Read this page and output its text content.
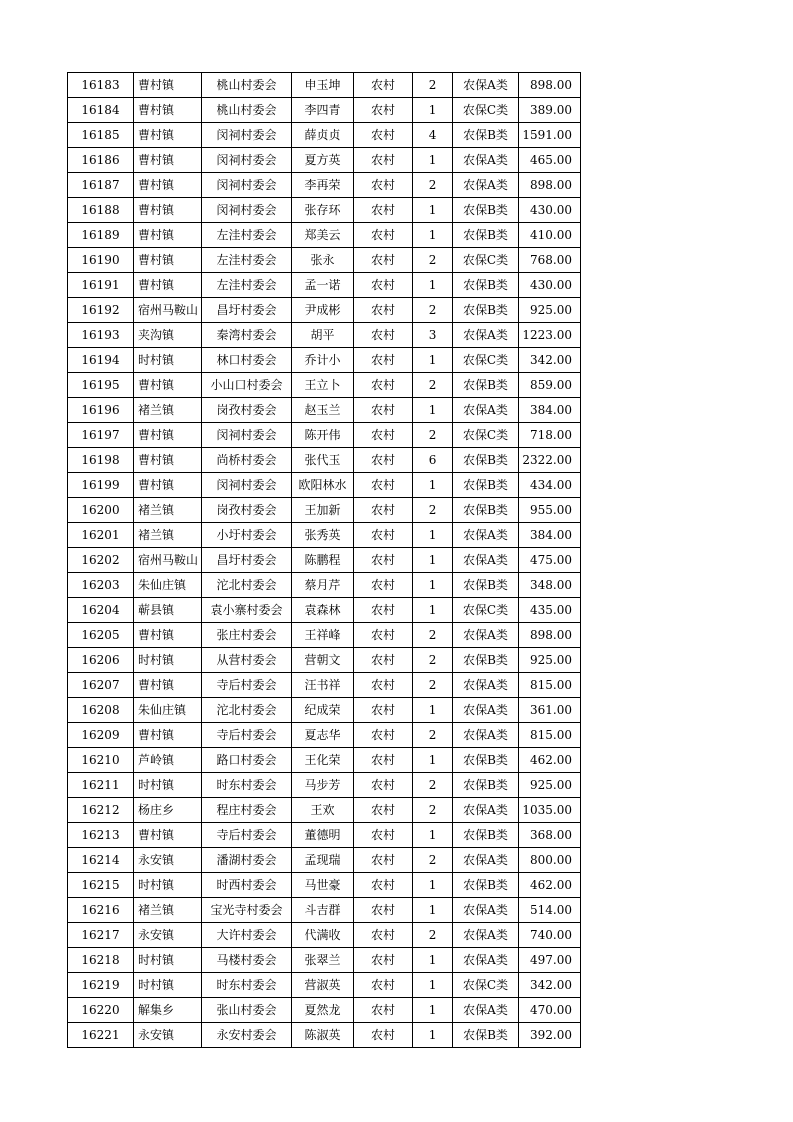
16183	曹村镇	桃山村委会	申玉坤	农村	2	农保A类	898.00
16184	曹村镇	桃山村委会	李四青	农村	1	农保C类	389.00
16185	曹村镇	闵祠村委会	薛贞贞	农村	4	农保B类	1591.00
16186	曹村镇	闵祠村委会	夏方英	农村	1	农保A类	465.00
16187	曹村镇	闵祠村委会	李再荣	农村	2	农保A类	898.00
16188	曹村镇	闵祠村委会	张存环	农村	1	农保B类	430.00
16189	曹村镇	左洼村委会	郑美云	农村	1	农保B类	410.00
16190	曹村镇	左洼村委会	张永	农村	2	农保C类	768.00
16191	曹村镇	左洼村委会	孟一诺	农村	1	农保B类	430.00
16192	宿州马鞍山	昌圩村委会	尹成彬	农村	2	农保B类	925.00
16193	夹沟镇	秦湾村委会	胡平	农村	3	农保A类	1223.00
16194	时村镇	林口村委会	乔计小	农村	1	农保C类	342.00
16195	曹村镇	小山口村委会	王立卜	农村	2	农保B类	859.00
16196	褚兰镇	岗孜村委会	赵玉兰	农村	1	农保A类	384.00
16197	曹村镇	闵祠村委会	陈开伟	农村	2	农保C类	718.00
16198	曹村镇	尚桥村委会	张代玉	农村	6	农保B类	2322.00
16199	曹村镇	闵祠村委会	欧阳林水	农村	1	农保B类	434.00
16200	褚兰镇	岗孜村委会	王加新	农村	2	农保B类	955.00
16201	褚兰镇	小圩村委会	张秀英	农村	1	农保A类	384.00
16202	宿州马鞍山	昌圩村委会	陈鹏程	农村	1	农保A类	475.00
16203	朱仙庄镇	沱北村委会	蔡月芹	农村	1	农保B类	348.00
16204	蕲县镇	袁小寨村委会	袁森林	农村	1	农保C类	435.00
16205	曹村镇	张庄村委会	王祥峰	农村	2	农保A类	898.00
16206	时村镇	从营村委会	营朝文	农村	2	农保B类	925.00
16207	曹村镇	寺后村委会	汪书祥	农村	2	农保A类	815.00
16208	朱仙庄镇	沱北村委会	纪成荣	农村	1	农保A类	361.00
16209	曹村镇	寺后村委会	夏志华	农村	2	农保A类	815.00
16210	芦岭镇	路口村委会	王化荣	农村	1	农保B类	462.00
16211	时村镇	时东村委会	马步芳	农村	2	农保B类	925.00
16212	杨庄乡	程庄村委会	王欢	农村	2	农保A类	1035.00
16213	曹村镇	寺后村委会	董德明	农村	1	农保B类	368.00
16214	永安镇	潘湖村委会	孟现瑞	农村	2	农保A类	800.00
16215	时村镇	时西村委会	马世豪	农村	1	农保B类	462.00
16216	褚兰镇	宝光寺村委会	斗吉群	农村	1	农保A类	514.00
16217	永安镇	大许村委会	代满收	农村	2	农保A类	740.00
16218	时村镇	马楼村委会	张翠兰	农村	1	农保A类	497.00
16219	时村镇	时东村委会	营淑英	农村	1	农保C类	342.00
16220	解集乡	张山村委会	夏然龙	农村	1	农保A类	470.00
16221	永安镇	永安村委会	陈淑英	农村	1	农保B类	392.00
